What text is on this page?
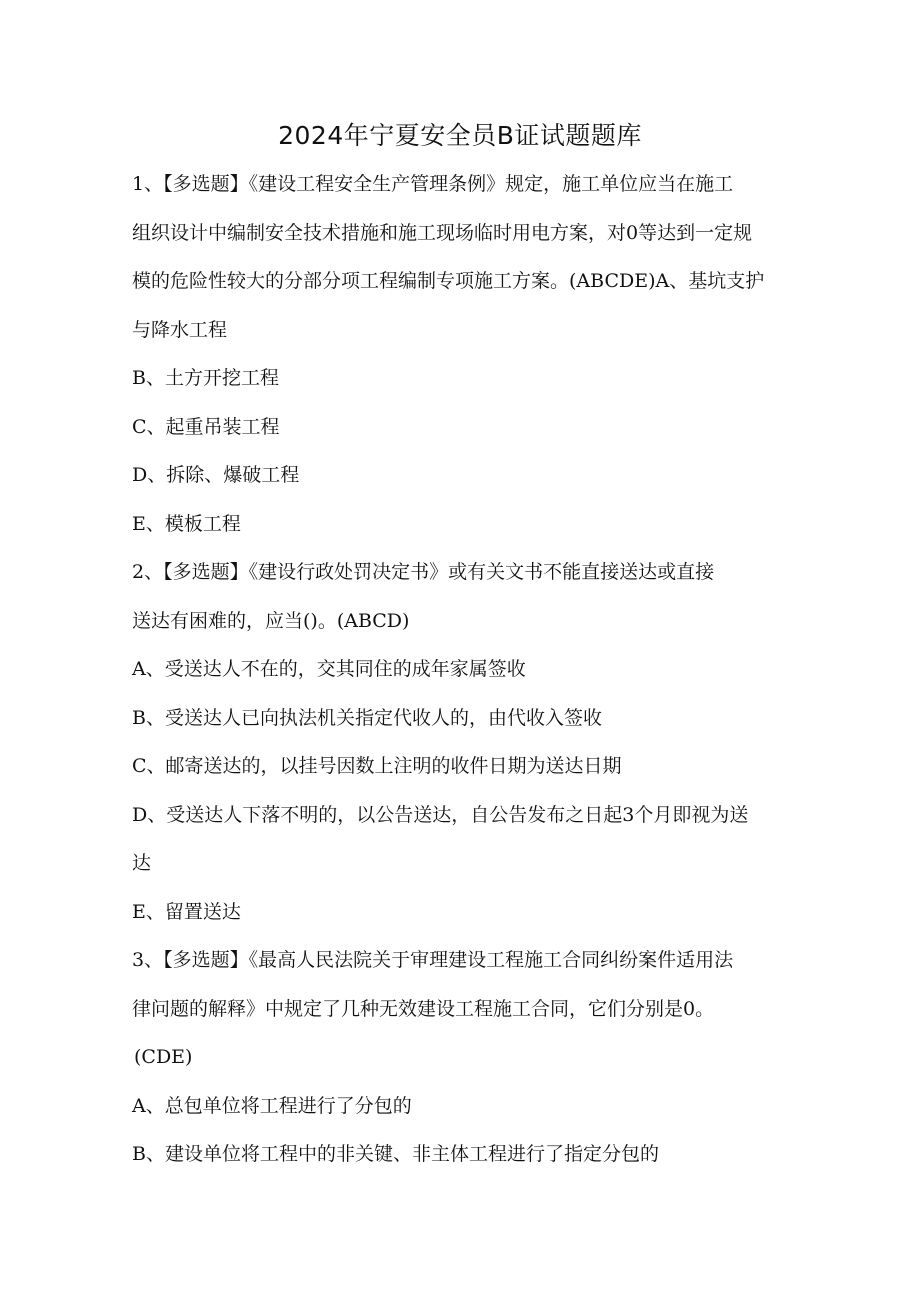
2024年宁夏安全员B证试题题库
1、【多选题】《建设工程安全生产管理条例》规定，施工单位应当在施工
组织设计中编制安全技术措施和施工现场临时用电方案，对0等达到一定规
模的危险性较大的分部分项工程编制专项施工方案。(ABCDE)A、基坑支护
与降水工程
B、土方开挖工程
C、起重吊装工程
D、拆除、爆破工程
E、模板工程
2、【多选题】《建设行政处罚决定书》或有关文书不能直接送达或直接
送达有困难的，应当()。(ABCD)
A、受送达人不在的，交其同住的成年家属签收
B、受送达人已向执法机关指定代收人的，由代收入签收
C、邮寄送达的，以挂号因数上注明的收件日期为送达日期
D、受送达人下落不明的，以公告送达，自公告发布之日起3个月即视为送
达
E、留置送达
3、【多选题】《最高人民法院关于审理建设工程施工合同纠纷案件适用法
律问题的解释》中规定了几种无效建设工程施工合同，它们分别是0。
(CDE)
A、总包单位将工程进行了分包的
B、建设单位将工程中的非关键、非主体工程进行了指定分包的
